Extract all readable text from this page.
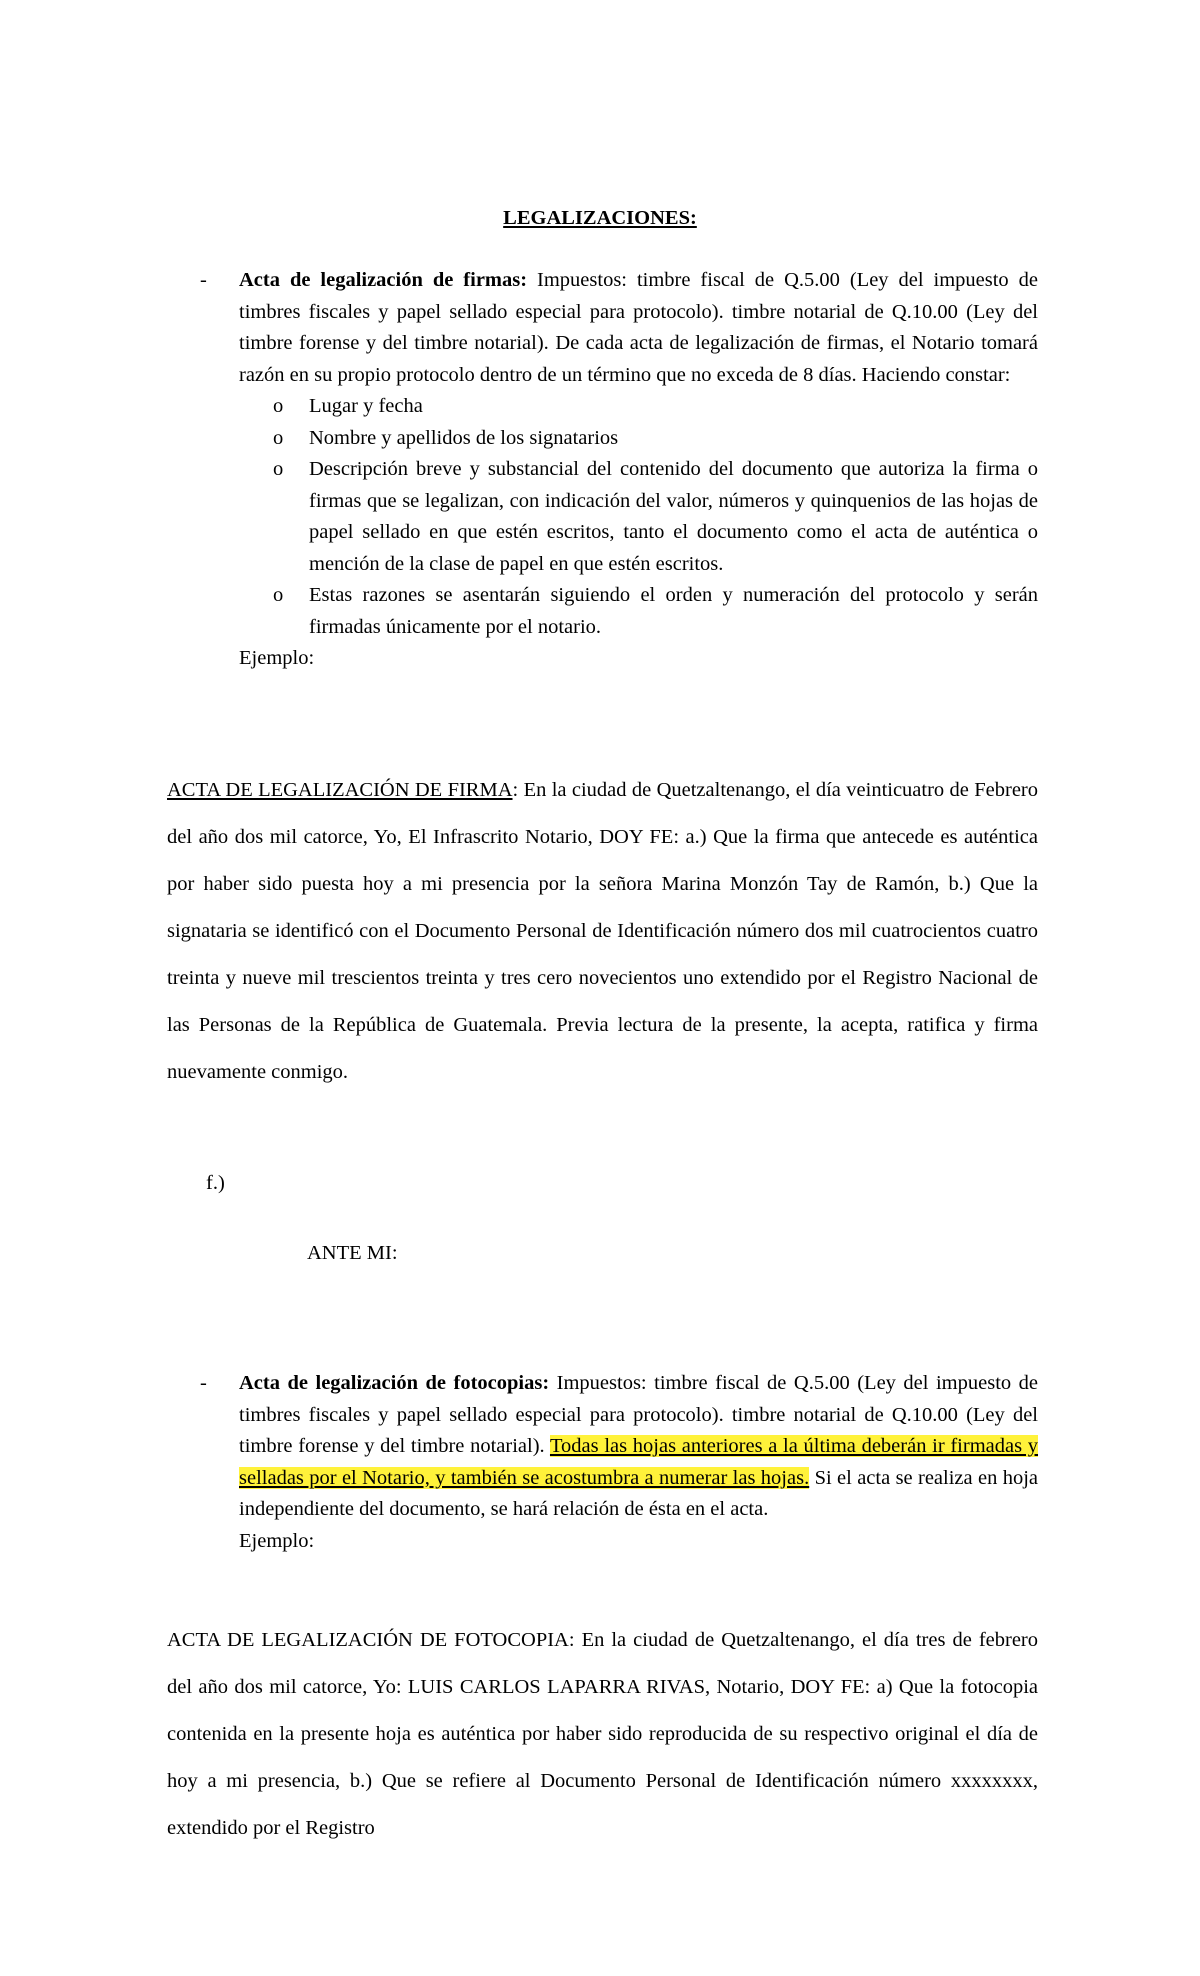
LEGALIZACIONES:
- Acta de legalización de firmas: Impuestos: timbre fiscal de Q.5.00 (Ley del impuesto de timbres fiscales y papel sellado especial para protocolo). timbre notarial de Q.10.00 (Ley del timbre forense y del timbre notarial). De cada acta de legalización de firmas, el Notario tomará razón en su propio protocolo dentro de un término que no exceda de 8 días. Haciendo constar:
o Lugar y fecha
o Nombre y apellidos de los signatarios
o Descripción breve y substancial del contenido del documento que autoriza la firma o firmas que se legalizan, con indicación del valor, números y quinquenios de las hojas de papel sellado en que estén escritos, tanto el documento como el acta de auténtica o mención de la clase de papel en que estén escritos.
o Estas razones se asentarán siguiendo el orden y numeración del protocolo y serán firmadas únicamente por el notario.
Ejemplo:

ACTA DE LEGALIZACIÓN DE FIRMA: En la ciudad de Quetzaltenango, el día veinticuatro de Febrero del año dos mil catorce, Yo, El Infrascrito Notario, DOY FE: a.) Que la firma que antecede es auténtica por haber sido puesta hoy a mi presencia por la señora Marina Monzón Tay de Ramón, b.) Que la signataria se identificó con el Documento Personal de Identificación número dos mil cuatrocientos cuatro treinta y nueve mil trescientos treinta y tres cero novecientos uno extendido por el Registro Nacional de las Personas de la República de Guatemala. Previa lectura de la presente, la acepta, ratifica y firma nuevamente conmigo.

f.)
ANTE MI:
- Acta de legalización de fotocopias: Impuestos: timbre fiscal de Q.5.00 (Ley del impuesto de timbres fiscales y papel sellado especial para protocolo). timbre notarial de Q.10.00 (Ley del timbre forense y del timbre notarial). Todas las hojas anteriores a la última deberán ir firmadas y selladas por el Notario, y también se acostumbra a numerar las hojas. Si el acta se realiza en hoja independiente del documento, se hará relación de ésta en el acta.
Ejemplo:

ACTA DE LEGALIZACIÓN DE FOTOCOPIA: En la ciudad de Quetzaltenango, el día tres de febrero del año dos mil catorce, Yo: LUIS CARLOS LAPARRA RIVAS, Notario, DOY FE: a) Que la fotocopia contenida en la presente hoja es auténtica por haber sido reproducida de su respectivo original el día de hoy a mi presencia, b.) Que se refiere al Documento Personal de Identificación número xxxxxxxx, extendido por el Registro
